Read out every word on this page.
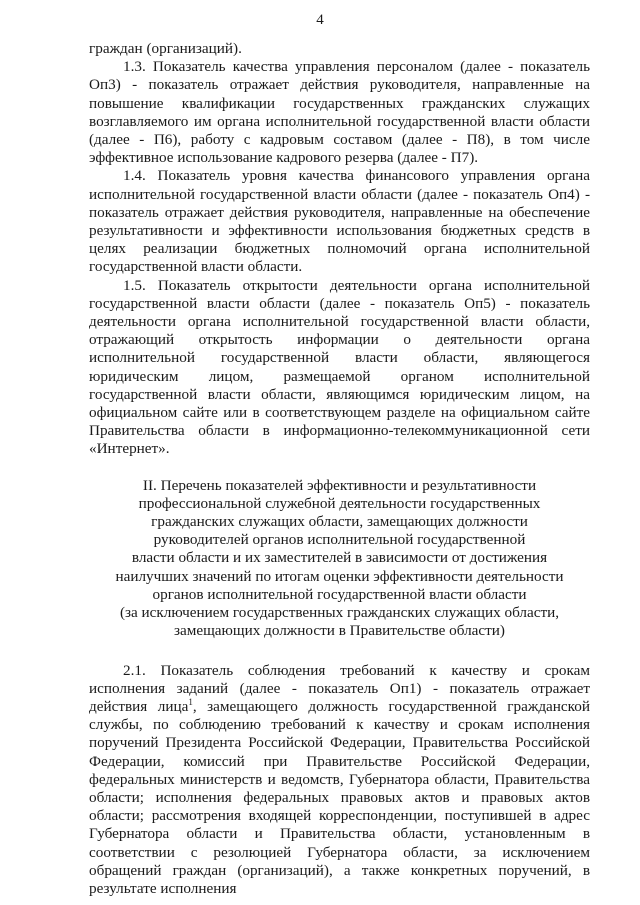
4

граждан (организаций).

1.3. Показатель качества управления персоналом (далее - показатель Оп3) - показатель отражает действия руководителя, направленные на повышение квалификации государственных гражданских служащих возглавляемого им органа исполнительной государственной власти области (далее - П6), работу с кадровым составом (далее - П8), в том числе эффективное использование кадрового резерва (далее - П7).

1.4. Показатель уровня качества финансового управления органа исполнительной государственной власти области (далее - показатель Оп4) - показатель отражает действия руководителя, направленные на обеспечение результативности и эффективности использования бюджетных средств в целях реализации бюджетных полномочий органа исполнительной государственной власти области.

1.5. Показатель открытости деятельности органа исполнительной государственной власти области (далее - показатель Оп5) - показатель деятельности органа исполнительной государственной власти области, отражающий открытость информации о деятельности органа исполнительной государственной власти области, являющегося юридическим лицом, размещаемой органом исполнительной государственной власти области, являющимся юридическим лицом, на официальном сайте или в соответствующем разделе на официальном сайте Правительства области в информационно-телекоммуникационной сети «Интернет».

II. Перечень показателей эффективности и результативности
профессиональной служебной деятельности государственных
гражданских служащих области, замещающих должности
руководителей органов исполнительной государственной
власти области и их заместителей в зависимости от достижения
наилучших значений по итогам оценки эффективности деятельности
органов исполнительной государственной власти области
(за исключением государственных гражданских служащих области,
замещающих должности в Правительстве области)

2.1. Показатель соблюдения требований к качеству и срокам исполнения заданий (далее - показатель Оп1) - показатель отражает действия лица$^1$, замещающего должность государственной гражданской службы, по соблюдению требований к качеству и срокам исполнения поручений Президента Российской Федерации, Правительства Российской Федерации, комиссий при Правительстве Российской Федерации, федеральных министерств и ведомств, Губернатора области, Правительства области; исполнения федеральных правовых актов и правовых актов области; рассмотрения входящей корреспонденции, поступившей в адрес Губернатора области и Правительства области, установленным в соответствии с резолюцией Губернатора области, за исключением обращений граждан (организаций), а также конкретных поручений, в результате исполнения
